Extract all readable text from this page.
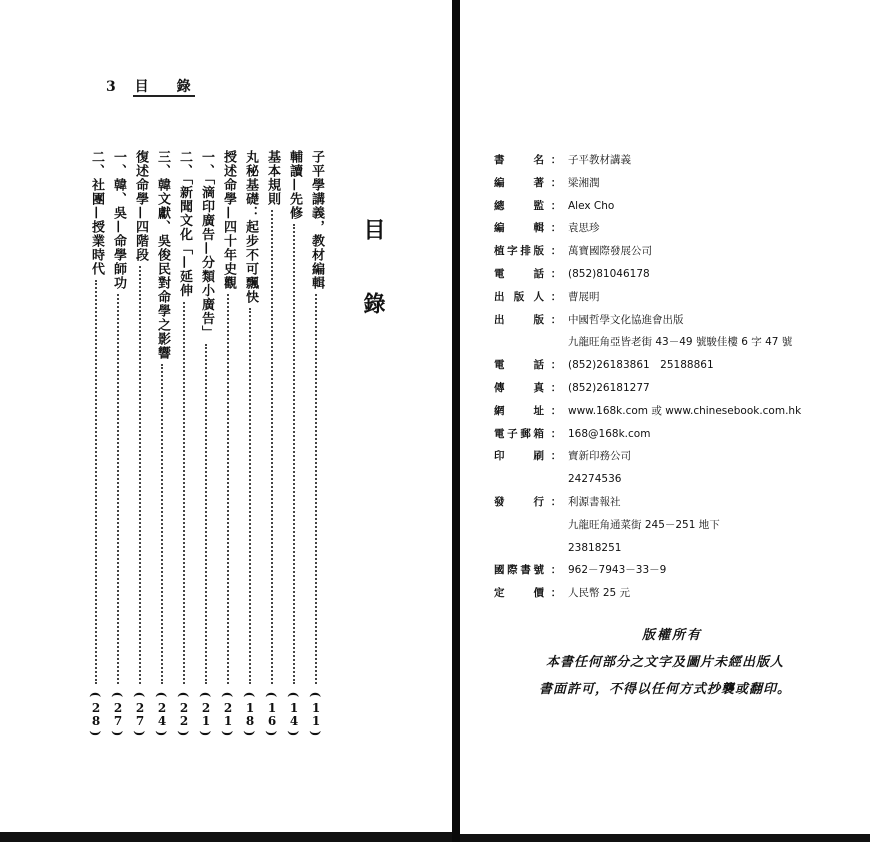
3 目 錄
目錄
子平學講義，教材編輯
( 11 )
輔讀—先修
( 14 )
基本規則
( 16 )
丸秘基礎：起步不可飄快
( 18 )
授述命學—四十年史觀
( 21 )
一、「滴印廣告—分類小廣告」
( 21 )
二、「新聞文化「—延伸
( 22 )
三、韓文獻、吳俊民對命學之影響
( 24 )
復述命學—四階段
( 27 )
一、韓、吳—命學師功
( 27 )
二、社團—授業時代
( 28 )
書名 ： 子平教材講義
編著 ： 梁湘潤
總監 ： Alex Cho
編輯 ： 袁思珍
植字排版 ： 萬寶國際發展公司
電話 ： (852)81046178
出版人 ： 曹展明
出版 ： 中國哲學文化協進會出版
九龍旺角亞皆老街 43－49 號駿佳樓 6 字 47 號
電話 ： (852)26183861　25188861
傳真 ： (852)26181277
網址 ： www.168k.com 或 www.chinesebook.com.hk
電子郵箱 ： 168@168k.com
印刷 ： 寶新印務公司
24274536
發行 ： 利源書報社
九龍旺角通菜街 245－251 地下
23818251
國際書號 ： 962－7943－33－9
定價 ： 人民幣 25 元
版權所有
本書任何部分之文字及圖片未經出版人
書面許可，不得以任何方式抄襲或翻印。
